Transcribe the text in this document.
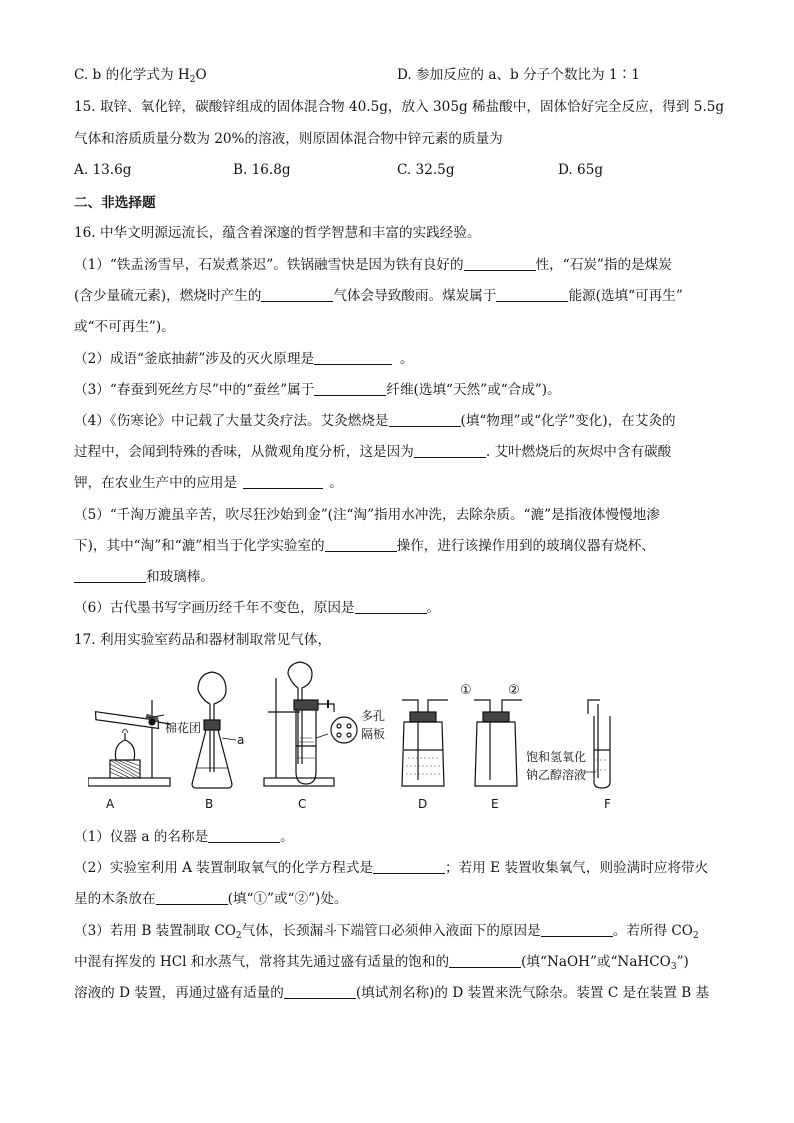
C. b 的化学式为 $H_2O$	D. 参加反应的 a、b 分子个数比为 1∶1
15. 取锌、氧化锌，碳酸锌组成的固体混合物 40.5g，放入 305g 稀盐酸中，固体恰好完全反应，得到 5.5g
气体和溶质质量分数为 20%的溶液，则原固体混合物中锌元素的质量为
A. 13.6g	B. 16.8g	C. 32.5g	D. 65g
二、非选择题
16. 中华文明源远流长，蕴含着深邃的哲学智慧和丰富的实践经验。
（1）“铁盂汤雪早，石炭煮茶迟”。铁锅融雪快是因为铁有良好的	性，“石炭”指的是煤炭
(含少量硫元素)，燃烧时产生的	气体会导致酸雨。煤炭属于	能源(选填“可再生”
或“不可再生”)。
（2）成语“釜底抽薪”涉及的灭火原理是	。
（3）“春蚕到死丝方尽”中的“蚕丝”属于	纤维(选填“天然”或“合成”)。
（4）《伤寒论》中记载了大量艾灸疗法。艾灸燃烧是	(填“物理”或“化学”变化)，在艾灸的
过程中，会闻到特殊的香味，从微观角度分析，这是因为	. 艾叶燃烧后的灰烬中含有碳酸
钾，在农业生产中的应用是	。
（5）“千淘万漉虽辛苦，吹尽狂沙始到金”(注“淘”指用水冲洗，去除杂质。“漉”是指液体慢慢地渗
下)，其中“淘”和“漉”相当于化学实验室的	操作，进行该操作用到的玻璃仪器有烧杯、
和玻璃棒。
（6）古代墨书写字画历经千年不变色，原因是	。
17. 利用实验室药品和器材制取常见气体，
棉花团
a
多孔
隔板
①	②
饱和氢氧化
钠乙醇溶液
A	B	C	D	E	F
（1）仪器 a 的名称是	。
（2）实验室利用 A 装置制取氧气的化学方程式是	；若用 E 装置收集氧气，则验满时应将带火
星的木条放在	(填“①”或“②”)处。
（3）若用 B 装置制取 $CO_2$气体，长颈漏斗下端管口必须伸入液面下的原因是	。若所得 $CO_2$
中混有挥发的 HCl 和水蒸气，常将其先通过盛有适量的饱和的	(填“NaOH”或“NaHCO$_3$”)
溶液的 D 装置，再通过盛有适量的	(填试剂名称)的 D 装置来洗气除杂。装置 C 是在装置 B 基
